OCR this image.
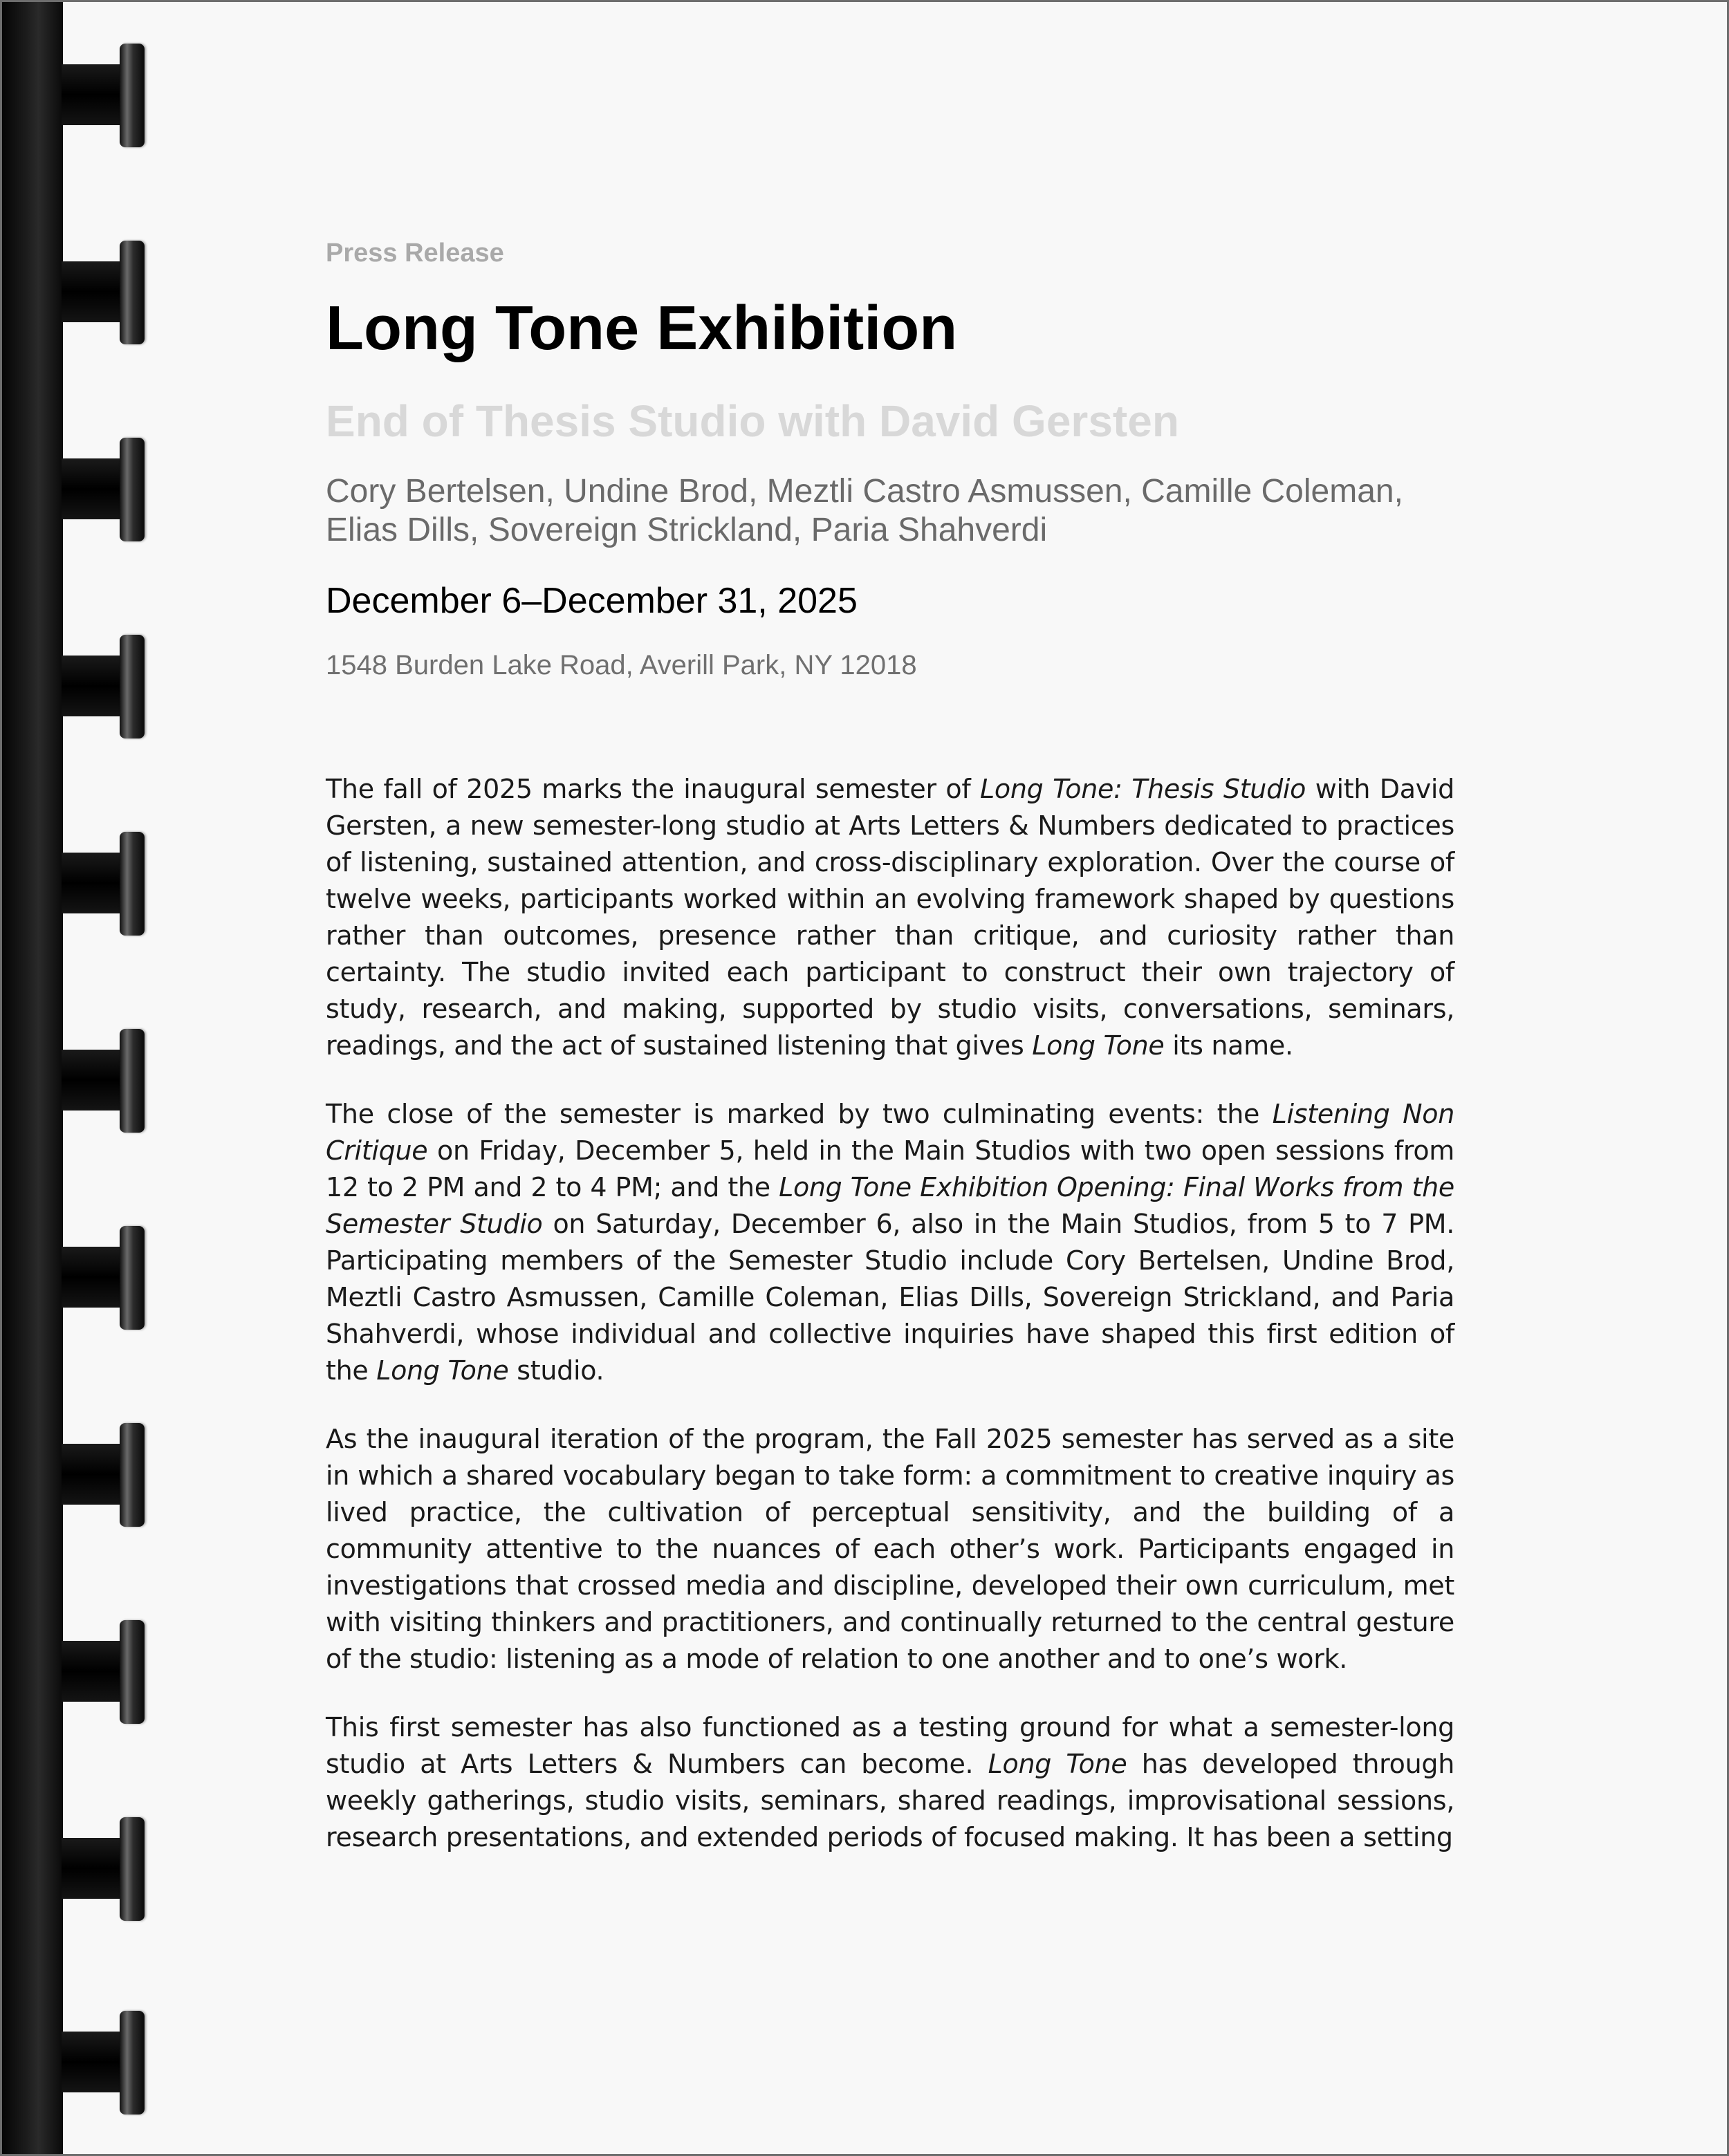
Press Release

Long Tone Exhibition
End of Thesis Studio with David Gersten

Cory Bertelsen, Undine Brod, Meztli Castro Asmussen, Camille Coleman,
Elias Dills, Sovereign Strickland, Paria Shahverdi

December 6–December 31, 2025

1548 Burden Lake Road, Averill Park, NY 12018

The fall of 2025 marks the inaugural semester of Long Tone: Thesis Studio with David Gersten, a new semester-long studio at Arts Letters & Numbers dedicated to practices of listening, sustained attention, and cross-disciplinary exploration. Over the course of twelve weeks, participants worked within an evolving framework shaped by questions rather than outcomes, presence rather than critique, and curiosity rather than certainty. The studio invited each participant to construct their own trajectory of study, research, and making, supported by studio visits, conversations, seminars, readings, and the act of sustained listening that gives Long Tone its name.

The close of the semester is marked by two culminating events: the Listening Non Critique on Friday, December 5, held in the Main Studios with two open sessions from 12 to 2 PM and 2 to 4 PM; and the Long Tone Exhibition Opening: Final Works from the Semester Studio on Saturday, December 6, also in the Main Studios, from 5 to 7 PM. Participating members of the Semester Studio include Cory Bertelsen, Undine Brod, Meztli Castro Asmussen, Camille Coleman, Elias Dills, Sovereign Strickland, and Paria Shahverdi, whose individual and collective inquiries have shaped this first edition of the Long Tone studio.

As the inaugural iteration of the program, the Fall 2025 semester has served as a site in which a shared vocabulary began to take form: a commitment to creative inquiry as lived practice, the cultivation of perceptual sensitivity, and the building of a community attentive to the nuances of each other’s work. Participants engaged in investigations that crossed media and discipline, developed their own curriculum, met with visiting thinkers and practitioners, and continually returned to the central gesture of the studio: listening as a mode of relation to one another and to one’s work.

This first semester has also functioned as a testing ground for what a semester-long studio at Arts Letters & Numbers can become. Long Tone has developed through weekly gatherings, studio visits, seminars, shared readings, improvisational sessions, research presentations, and extended periods of focused making. It has been a setting
